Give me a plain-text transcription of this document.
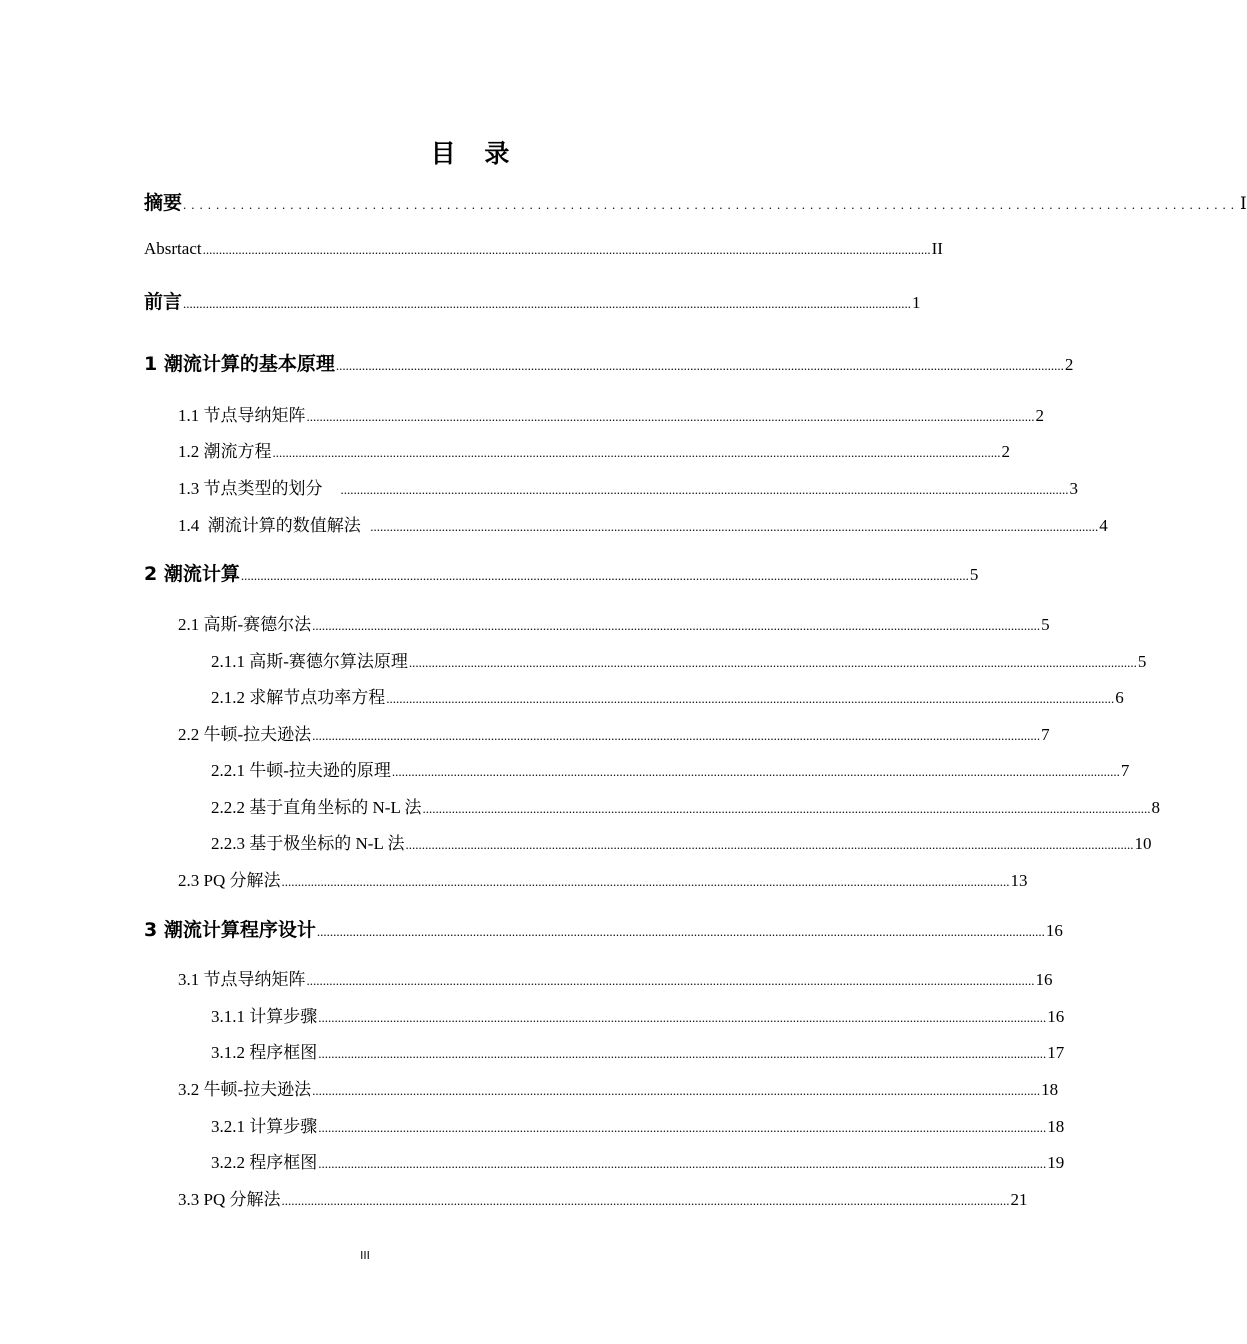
目 录
摘要 ................................................................................................................................ Ⅰ
Absrtact ................................................................................................................................................................................................................................ II
前言 ................................................................................................................................................................................................................................ 1
1 潮流计算的基本原理 ................................................................................................................................................................................................................................ 2
1.1 节点导纳矩阵 ................................................................................................................................................................................................................................ 2
1.2 潮流方程 ................................................................................................................................................................................................................................ 2
1.3 节点类型的划分 ................................................................................................................................................................................................................................ 3
1.4  潮流计算的数值解法 ................................................................................................................................................................................................................................ 4
2 潮流计算 ................................................................................................................................................................................................................................ 5
2.1 高斯-赛德尔法 ................................................................................................................................................................................................................................ 5
2.1.1 高斯-赛德尔算法原理 ................................................................................................................................................................................................................................ 5
2.1.2 求解节点功率方程 ................................................................................................................................................................................................................................ 6
2.2 牛顿-拉夫逊法 ................................................................................................................................................................................................................................ 7
2.2.1 牛顿-拉夫逊的原理 ................................................................................................................................................................................................................................ 7
2.2.2 基于直角坐标的 N-L 法 ................................................................................................................................................................................................................................ 8
2.2.3 基于极坐标的 N-L 法 ................................................................................................................................................................................................................................ 10
2.3 PQ 分解法 ................................................................................................................................................................................................................................ 13
3 潮流计算程序设计 ................................................................................................................................................................................................................................ 16
3.1 节点导纳矩阵 ................................................................................................................................................................................................................................ 16
3.1.1 计算步骤 ................................................................................................................................................................................................................................ 16
3.1.2 程序框图 ................................................................................................................................................................................................................................ 17
3.2 牛顿-拉夫逊法 ................................................................................................................................................................................................................................ 18
3.2.1 计算步骤 ................................................................................................................................................................................................................................ 18
3.2.2 程序框图 ................................................................................................................................................................................................................................ 19
3.3 PQ 分解法 ................................................................................................................................................................................................................................ 21
III
